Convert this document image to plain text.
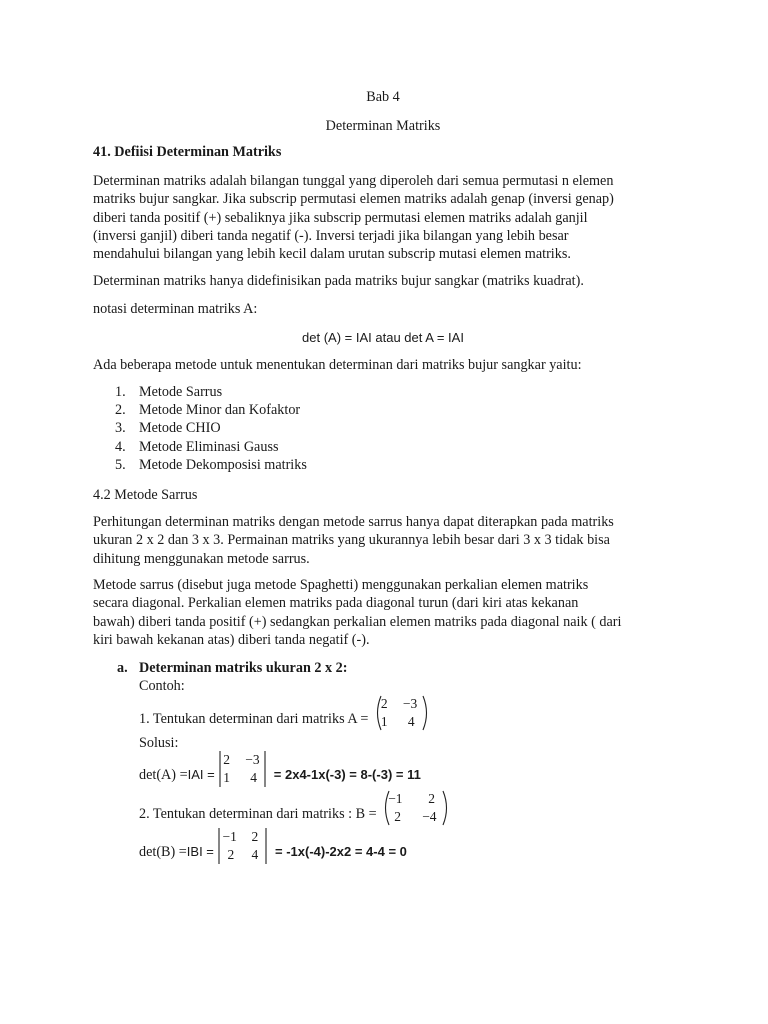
Bab 4
Determinan Matriks
41. Defiisi Determinan Matriks

Determinan matriks adalah bilangan tunggal yang diperoleh dari semua permutasi n elemen

matriks bujur sangkar. Jika subscrip permutasi elemen matriks adalah genap (inversi genap)

diberi tanda positif (+) sebaliknya jika subscrip permutasi elemen matriks adalah ganjil

(inversi ganjil) diberi tanda negatif (-). Inversi terjadi jika bilangan yang lebih besar

mendahului bilangan yang lebih kecil dalam urutan subscrip mutasi elemen matriks.

Determinan matriks hanya didefinisikan pada matriks bujur sangkar (matriks kuadrat).
notasi determinan matriks A:
det (A) = IAI atau det A = IAI
Ada beberapa metode untuk menentukan determinan dari matriks bujur sangkar yaitu:
1. Metode Sarrus
2. Metode Minor dan Kofaktor
3. Metode CHIO
4. Metode Eliminasi Gauss
5. Metode Dekomposisi matriks
4.2 Metode Sarrus

Perhitungan determinan matriks dengan metode sarrus hanya dapat diterapkan pada matriks

ukuran 2 x 2 dan 3 x 3. Permainan matriks yang ukurannya lebih besar dari 3 x 3 tidak bisa

dihitung menggunakan metode sarrus.

Metode sarrus (disebut juga metode Spaghetti) menggunakan perkalian elemen matriks

secara diagonal. Perkalian elemen matriks pada diagonal turun (dari kiri atas kekanan

bawah) diberi tanda positif (+) sedangkan perkalian elemen matriks pada diagonal naik ( dari

kiri bawah kekanan atas) diberi tanda negatif (-).

a. Determinan matriks ukuran 2 x 2:
Contoh:
1. Tentukan determinan dari matriks A =
2 −3
1 4
Solusi:
det(A) =IAI =
2 −3
1 4 = 2x4-1x(-3) = 8-(-3) = 11
2. Tentukan determinan dari matriks : B =
−1 2
2 −4
det(B) =IBI =
−1 2
2 4 = -1x(-4)-2x2 = 4-4 = 0
